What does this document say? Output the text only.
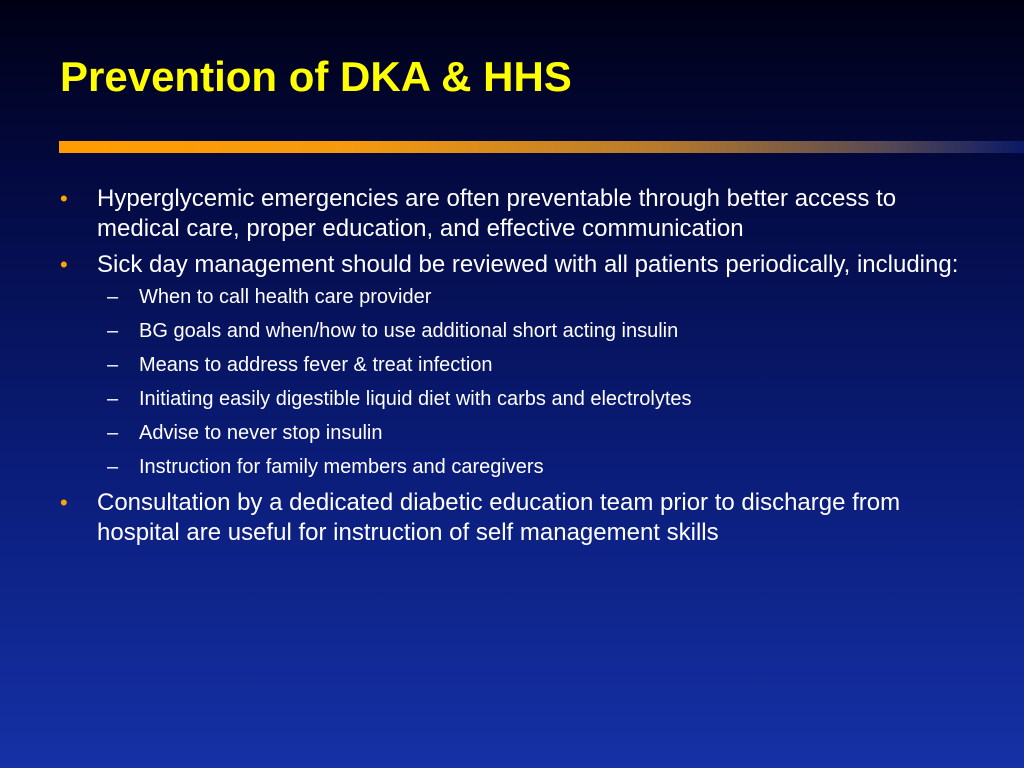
Prevention of DKA & HHS
• Hyperglycemic emergencies are often preventable through better access to medical care, proper education, and effective communication
• Sick day management should be reviewed with all patients periodically, including:
– When to call health care provider
– BG goals and when/how to use additional short acting insulin
– Means to address fever & treat infection
– Initiating easily digestible liquid diet with carbs and electrolytes
– Advise to never stop insulin
– Instruction for family members and caregivers
• Consultation by a dedicated diabetic education team prior to discharge from hospital are useful for instruction of self management skills
